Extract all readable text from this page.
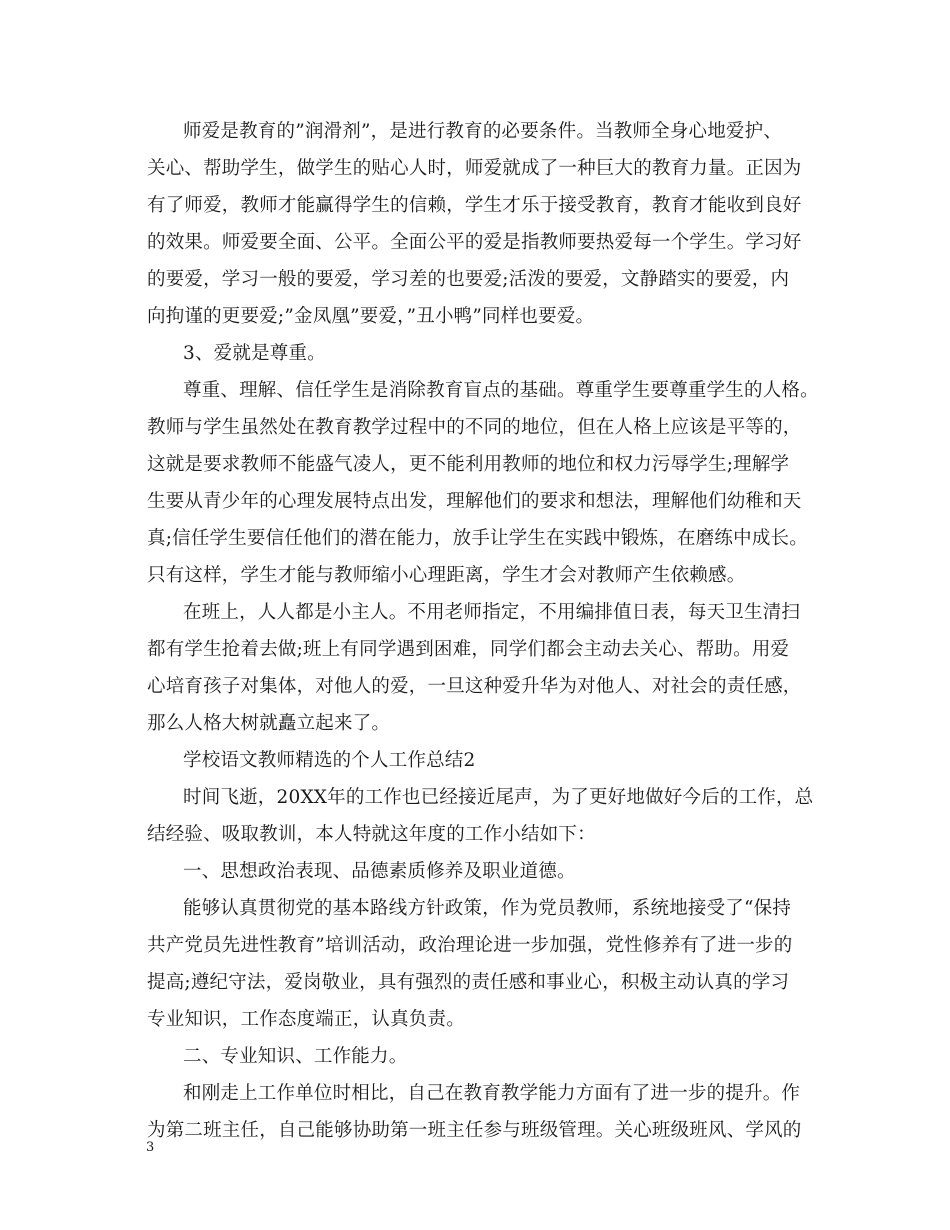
师爱是教育的”润滑剂”，是进行教育的必要条件。当教师全身心地爱护、
关心、帮助学生，做学生的贴心人时，师爱就成了一种巨大的教育力量。正因为
有了师爱，教师才能赢得学生的信赖，学生才乐于接受教育，教育才能收到良好
的效果。师爱要全面、公平。全面公平的爱是指教师要热爱每一个学生。学习好
的要爱，学习一般的要爱，学习差的也要爱;活泼的要爱，文静踏实的要爱，内
向拘谨的更要爱;”金凤凰”要爱，”丑小鸭”同样也要爱。
3、爱就是尊重。
尊重、理解、信任学生是消除教育盲点的基础。尊重学生要尊重学生的人格。
教师与学生虽然处在教育教学过程中的不同的地位，但在人格上应该是平等的，
这就是要求教师不能盛气凌人，更不能利用教师的地位和权力污辱学生;理解学
生要从青少年的心理发展特点出发，理解他们的要求和想法，理解他们幼稚和天
真;信任学生要信任他们的潜在能力，放手让学生在实践中锻炼，在磨练中成长。
只有这样，学生才能与教师缩小心理距离，学生才会对教师产生依赖感。
在班上，人人都是小主人。不用老师指定，不用编排值日表，每天卫生清扫
都有学生抢着去做;班上有同学遇到困难，同学们都会主动去关心、帮助。用爱
心培育孩子对集体，对他人的爱，一旦这种爱升华为对他人、对社会的责任感，
那么人格大树就矗立起来了。
学校语文教师精选的个人工作总结2
时间飞逝，20XX年的工作也已经接近尾声，为了更好地做好今后的工作，总
结经验、吸取教训，本人特就这年度的工作小结如下：
一、思想政治表现、品德素质修养及职业道德。
能够认真贯彻党的基本路线方针政策，作为党员教师，系统地接受了“保持
共产党员先进性教育”培训活动，政治理论进一步加强，党性修养有了进一步的
提高;遵纪守法，爱岗敬业，具有强烈的责任感和事业心，积极主动认真的学习
专业知识，工作态度端正，认真负责。
二、专业知识、工作能力。
和刚走上工作单位时相比，自己在教育教学能力方面有了进一步的提升。作
为第二班主任，自己能够协助第一班主任参与班级管理。关心班级班风、学风的
3
